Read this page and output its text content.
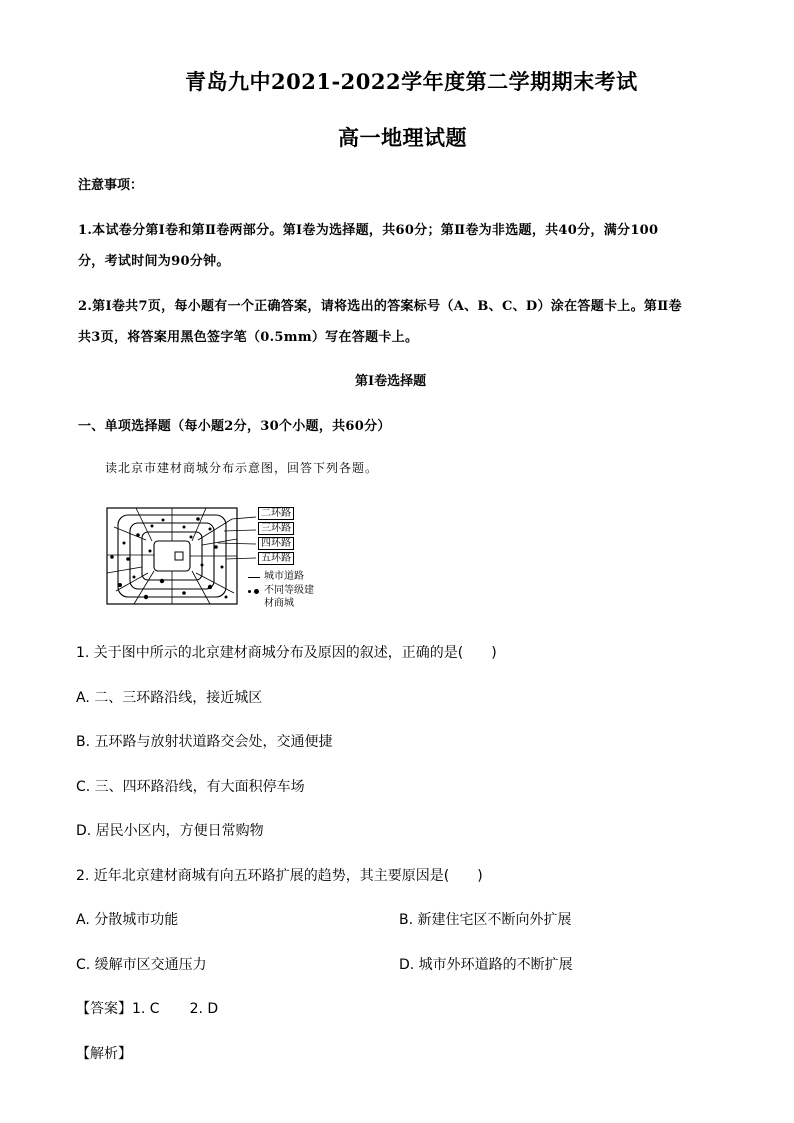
青岛九中2021-2022学年度第二学期期末考试
高一地理试题
注意事项：
1.本试卷分第Ⅰ卷和第Ⅱ卷两部分。第Ⅰ卷为选择题，共60分；第Ⅱ卷为非选题，共40分，满分100
分，考试时间为90分钟。
2.第Ⅰ卷共7页，每小题有一个正确答案，请将选出的答案标号（A、B、C、D）涂在答题卡上。第Ⅱ卷
共3页，将答案用黑色签字笔（0.5mm）写在答题卡上。
第Ⅰ卷选择题
一、单项选择题（每小题2分，30个小题，共60分）
读北京市建材商城分布示意图，回答下列各题。
二环路
三环路
四环路
五环路
城市道路
不同等级建
材商城
1. 关于图中所示的北京建材商城分布及原因的叙述，正确的是(　　)
A. 二、三环路沿线，接近城区
B. 五环路与放射状道路交会处，交通便捷
C. 三、四环路沿线，有大面积停车场
D. 居民小区内，方便日常购物
2. 近年北京建材商城有向五环路扩展的趋势，其主要原因是(　　)
A. 分散城市功能	B. 新建住宅区不断向外扩展
C. 缓解市区交通压力	D. 城市外环道路的不断扩展
【答案】1. C 2. D
【解析】
